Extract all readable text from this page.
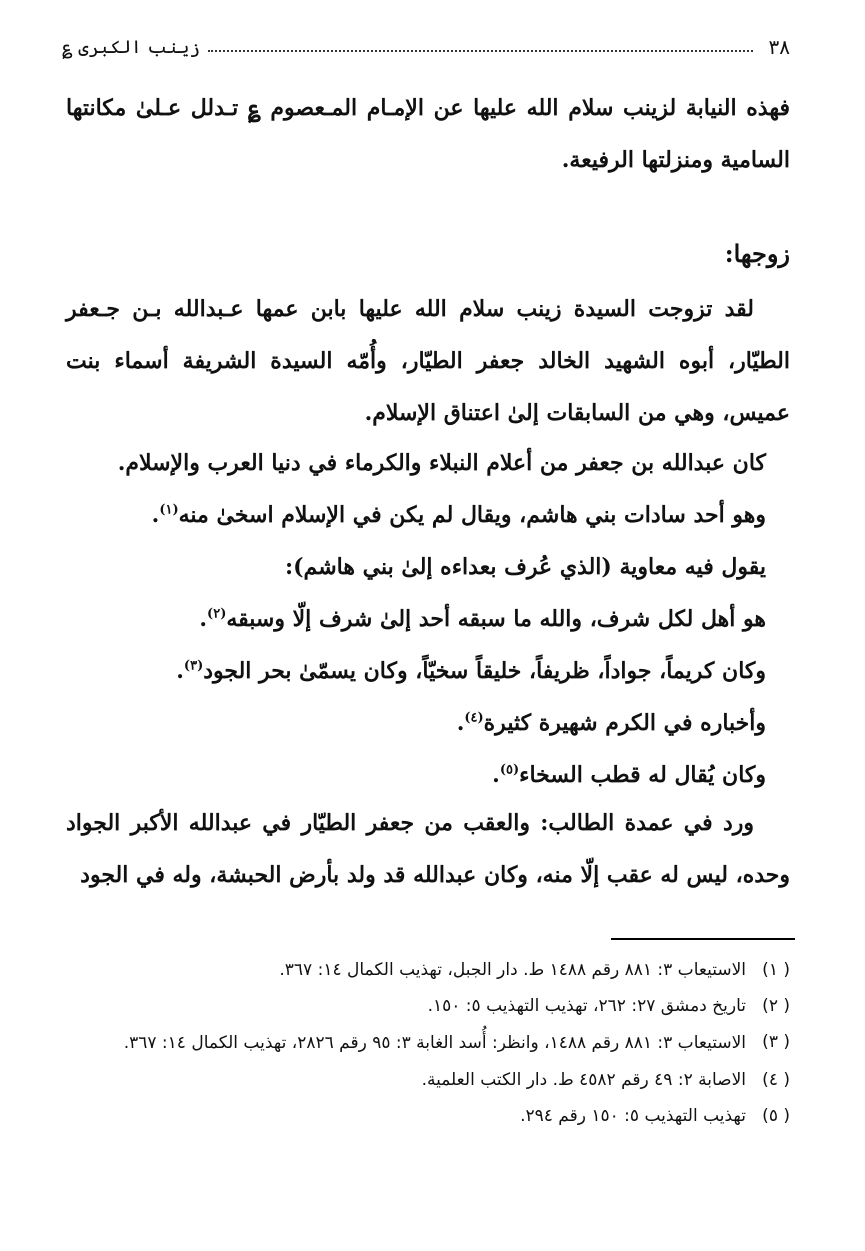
٣٨
زينب الكبرى ؏
فهذه النيابة لزينب سلام الله عليها عن الإمـام المـعصوم ؏ تـدلل عـلىٰ مكانتها السامية ومنزلتها الرفيعة.
زوجها:
لقد تزوجت السيدة زينب سلام الله عليها بابن عمها عـبدالله بـن جـعفر الطيّار، أبوه الشهيد الخالد جعفر الطيّار، وأُمّه السيدة الشريفة أسماء بنت عميس، وهي من السابقات إلىٰ اعتناق الإسلام.
كان عبدالله بن جعفر من أعلام النبلاء والكرماء في دنيا العرب والإسلام.
وهو أحد سادات بني هاشم، ويقال لم يكن في الإسلام اسخىٰ منه$^{(١)}$.
يقول فيه معاوية (الذي عُرف بعداءه إلىٰ بني هاشم):
هو أهل لكل شرف، والله ما سبقه أحد إلىٰ شرف إلّا وسبقه$^{(٢)}$.
وكان كريماً، جواداً، ظريفاً، خليقاً سخيّاً، وكان يسمّىٰ بحر الجود$^{(٣)}$.
وأخباره في الكرم شهيرة كثيرة$^{(٤)}$.
وكان يُقال له قطب السخاء$^{(٥)}$.
ورد في عمدة الطالب: والعقب من جعفر الطيّار في عبدالله الأكبر الجواد وحده، ليس له عقب إلّا منه، وكان عبدالله قد ولد بأرض الحبشة، وله في الجود
( ١)
الاستيعاب ٣: ٨٨١ رقم ١٤٨٨ ط. دار الجبل، تهذيب الكمال ١٤: ٣٦٧.
( ٢)
تاريخ دمشق ٢٧: ٢٦٢، تهذيب التهذيب ٥: ١٥٠.
( ٣)
الاستيعاب ٣: ٨٨١ رقم ١٤٨٨، وانظر: أُسد الغابة ٣: ٩٥ رقم ٢٨٢٦، تهذيب الكمال ١٤: ٣٦٧.
( ٤)
الاصابة ٢: ٤٩ رقم ٤٥٨٢ ط. دار الكتب العلمية.
( ٥)
تهذيب التهذيب ٥: ١٥٠ رقم ٢٩٤.
